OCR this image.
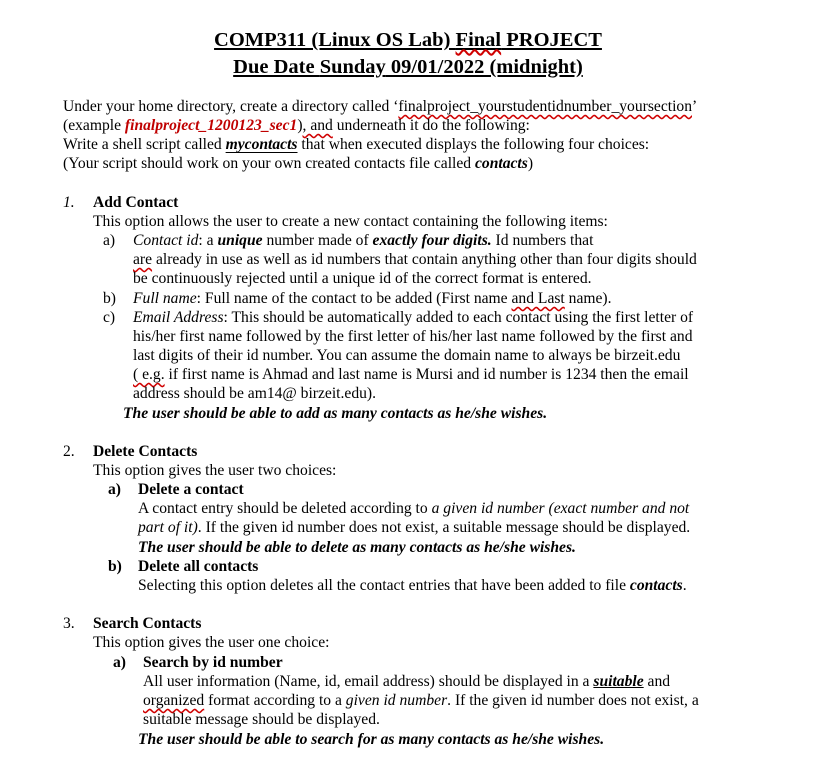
COMP311 (Linux OS Lab) Final PROJECT
Due Date Sunday 09/01/2022 (midnight)
Under your home directory, create a directory called ‘finalproject_yourstudentidnumber_yoursection’
(example finalproject_1200123_sec1), and underneath it do the following:
Write a shell script called mycontacts that when executed displays the following four choices:
(Your script should work on your own created contacts file called contacts)
1. Add Contact
This option allows the user to create a new contact containing the following items:
a) Contact id: a unique number made of exactly four digits. Id numbers that
are already in use as well as id numbers that contain anything other than four digits should
be continuously rejected until a unique id of the correct format is entered.
b) Full name: Full name of the contact to be added (First name and Last name).
c) Email Address: This should be automatically added to each contact using the first letter of
his/her first name followed by the first letter of his/her last name followed by the first and
last digits of their id number. You can assume the domain name to always be birzeit.edu
( e.g. if first name is Ahmad and last name is Mursi and id number is 1234 then the email
address should be am14@ birzeit.edu).
The user should be able to add as many contacts as he/she wishes.
2. Delete Contacts
This option gives the user two choices:
a) Delete a contact
A contact entry should be deleted according to a given id number (exact number and not
part of it). If the given id number does not exist, a suitable message should be displayed.
The user should be able to delete as many contacts as he/she wishes.
b) Delete all contacts
Selecting this option deletes all the contact entries that have been added to file contacts.
3. Search Contacts
This option gives the user one choice:
a) Search by id number
All user information (Name, id, email address) should be displayed in a suitable and
organized format according to a given id number. If the given id number does not exist, a
suitable message should be displayed.
The user should be able to search for as many contacts as he/she wishes.
